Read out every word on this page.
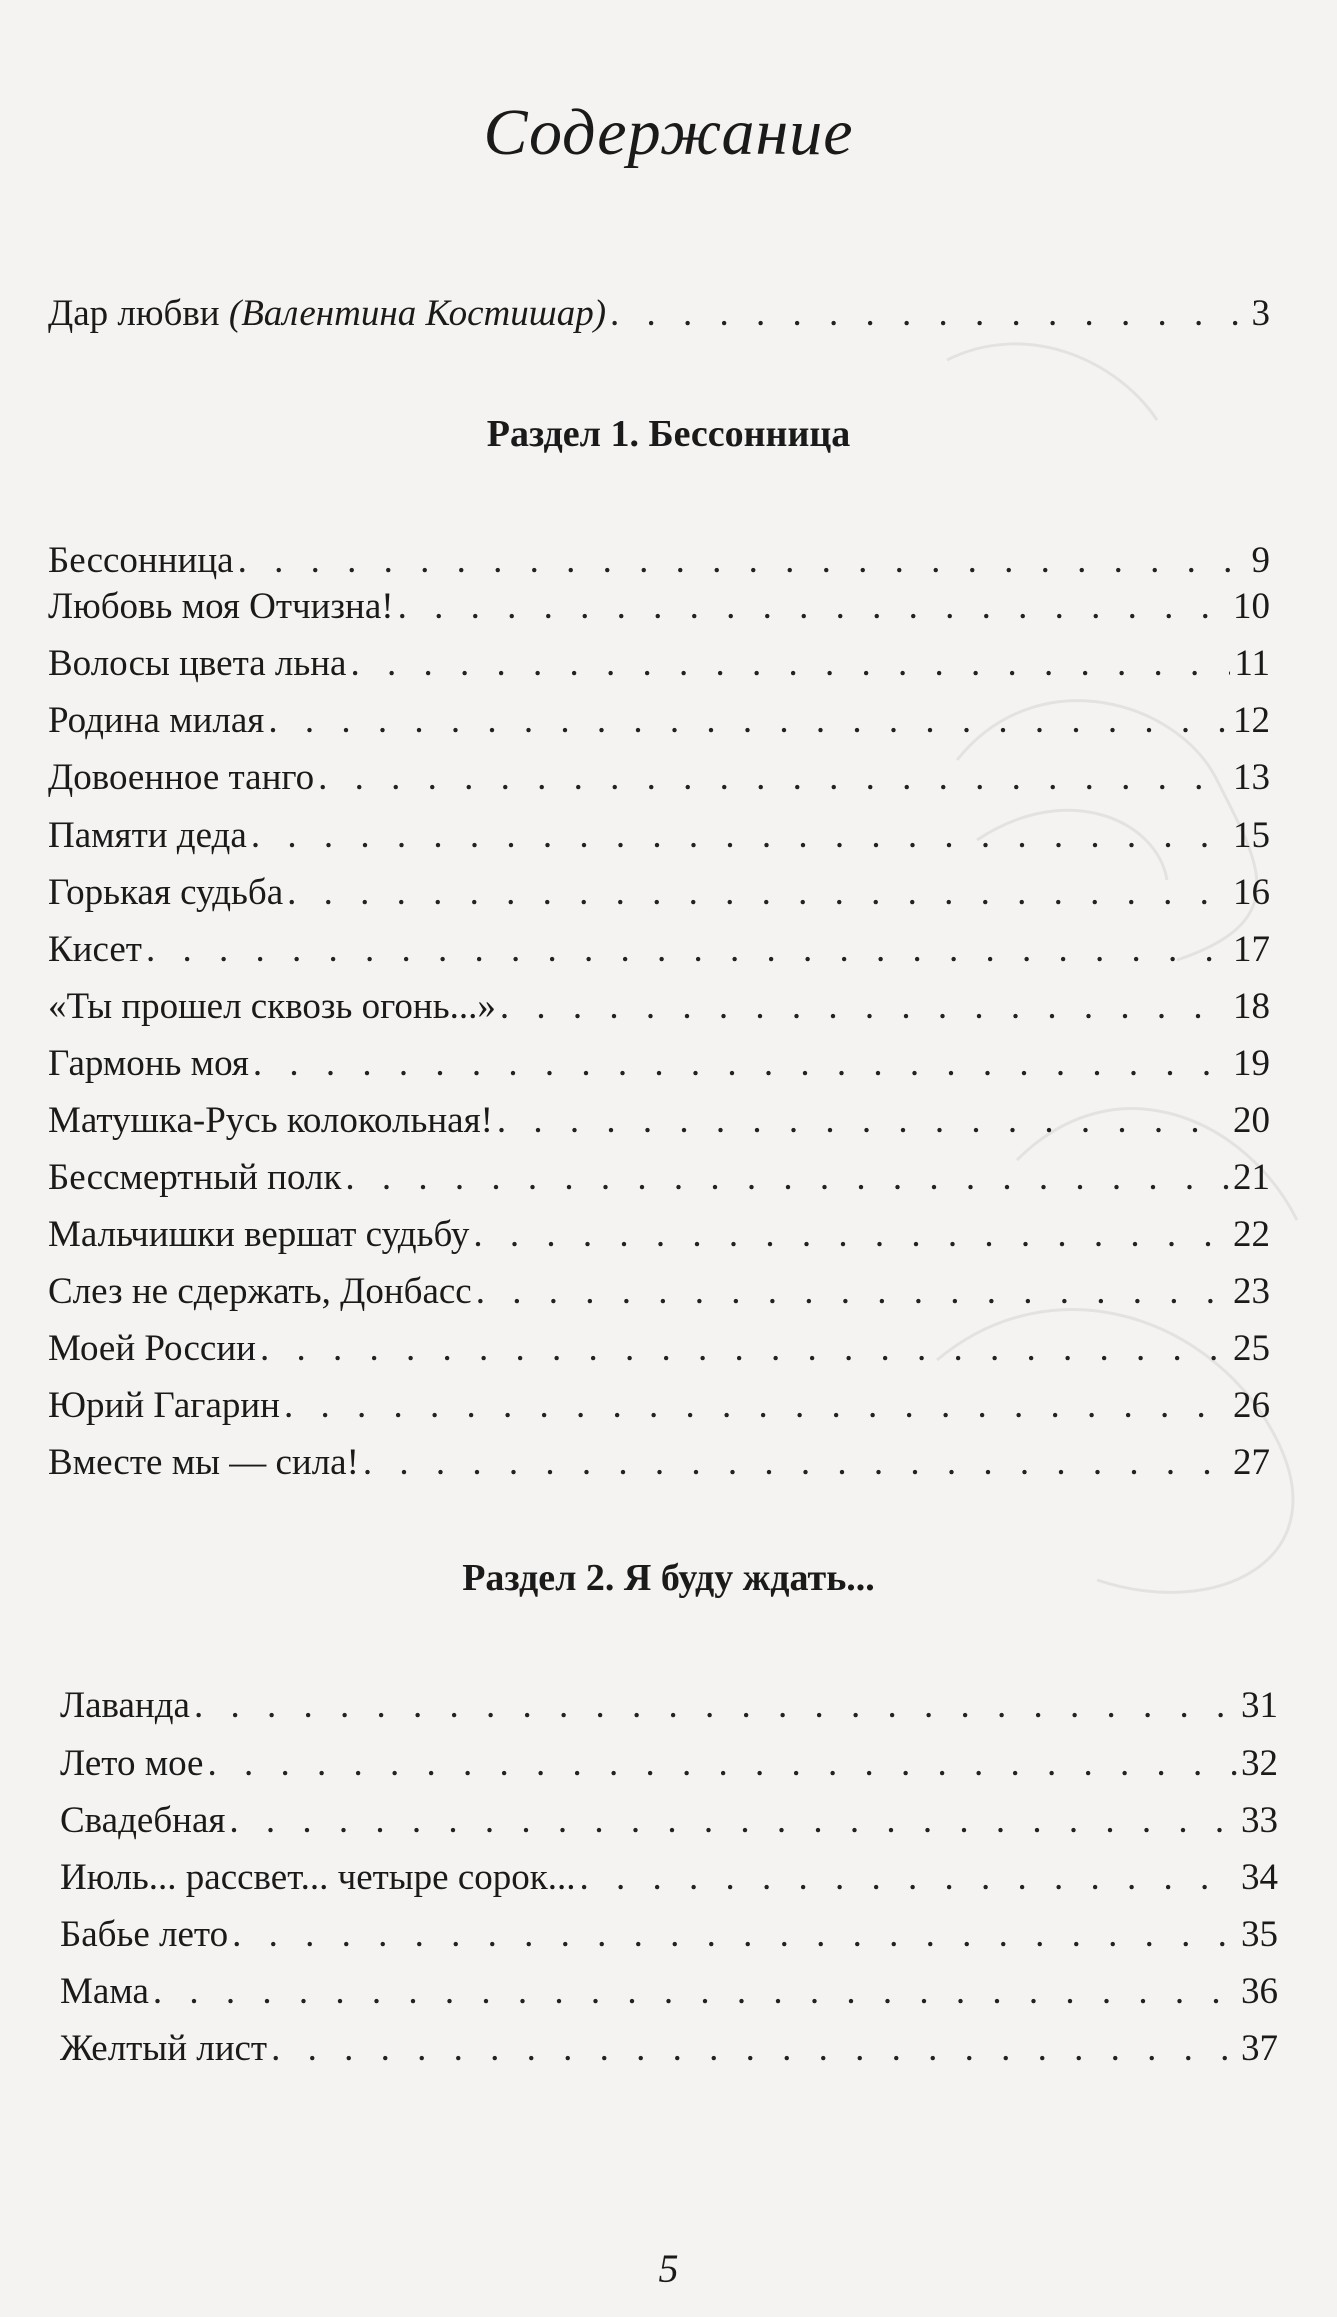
Содержание
Дар любви (Валентина Костишар) . . .	3
Раздел 1. Бессонница
Бессонница . . .	9
Любовь моя Отчизна! . . .	10
Волосы цвета льна . . .	11
Родина милая . . .	12
Довоенное танго . . .	13
Памяти деда . . .	15
Горькая судьба . . .	16
Кисет . . .	17
«Ты прошел сквозь огонь...» . . .	18
Гармонь моя . . .	19
Матушка-Русь колокольная! . . .	20
Бессмертный полк . . .	21
Мальчишки вершат судьбу . . .	22
Слез не сдержать, Донбасс . . .	23
Моей России . . .	25
Юрий Гагарин . . .	26
Вместе мы — сила! . . .	27
Раздел 2. Я буду ждать...
Лаванда . . .	31
Лето мое . . .	32
Свадебная . . .	33
Июль... рассвет... четыре сорок... . . .	34
Бабье лето . . .	35
Мама . . .	36
Желтый лист . . .	37
5
